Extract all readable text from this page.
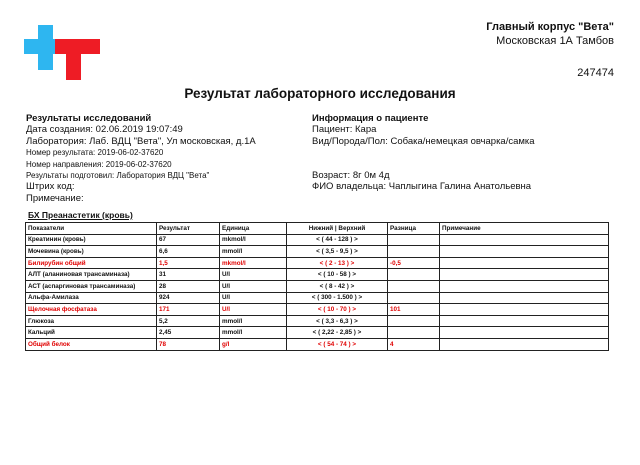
Главный корпус "Вета"
Московская 1А Тамбов
247474
Результат лабораторного исследования
Результаты исследований
Дата создания: 02.06.2019 19:07:49
Лаборатория: Лаб. ВДЦ "Вета", Ул московская, д.1А
Номер результата: 2019-06-02-37620
Номер направления: 2019-06-02-37620
Результаты подготовил: Лаборатория ВДЦ "Вета"
Штрих код:
Примечание:
Информация о пациенте
Пациент: Кара
Вид/Порода/Пол: Собака/немецкая овчарка/самка
Возраст: 8г 0м 4д
ФИО владельца: Чаплыгина Галина Анатольевна
БХ Преанастетик (кровь)
Показатели	Результат	Единица	Нижний | Верхний	Разница	Примечание
Креатинин (кровь)	67	mkmol/l	< ( 44 - 128 ) >		
Мочевина (кровь)	6,6	mmol/l	< ( 3,5 - 9,5 ) >		
Билирубин общий	1,5	mkmol/l	< ( 2 - 13 ) >	-0,5	
АЛТ (аланиновая трансаминаза)	31	U/l	< ( 10 - 58 ) >		
АСТ (аспаргиновая трансаминаза)	28	U/l	< ( 8 - 42 ) >		
Альфа-Амилаза	924	U/l	< ( 300 - 1.500 ) >		
Щелочная фосфатаза	171	U/l	< ( 10 - 70 ) >	101	
Глюкоза	5,2	mmol/l	< ( 3,3 - 6,3 ) >		
Кальций	2,45	mmol/l	< ( 2,22 - 2,85 ) >		
Общий белок	78	g/l	< ( 54 - 74 ) >	4	
